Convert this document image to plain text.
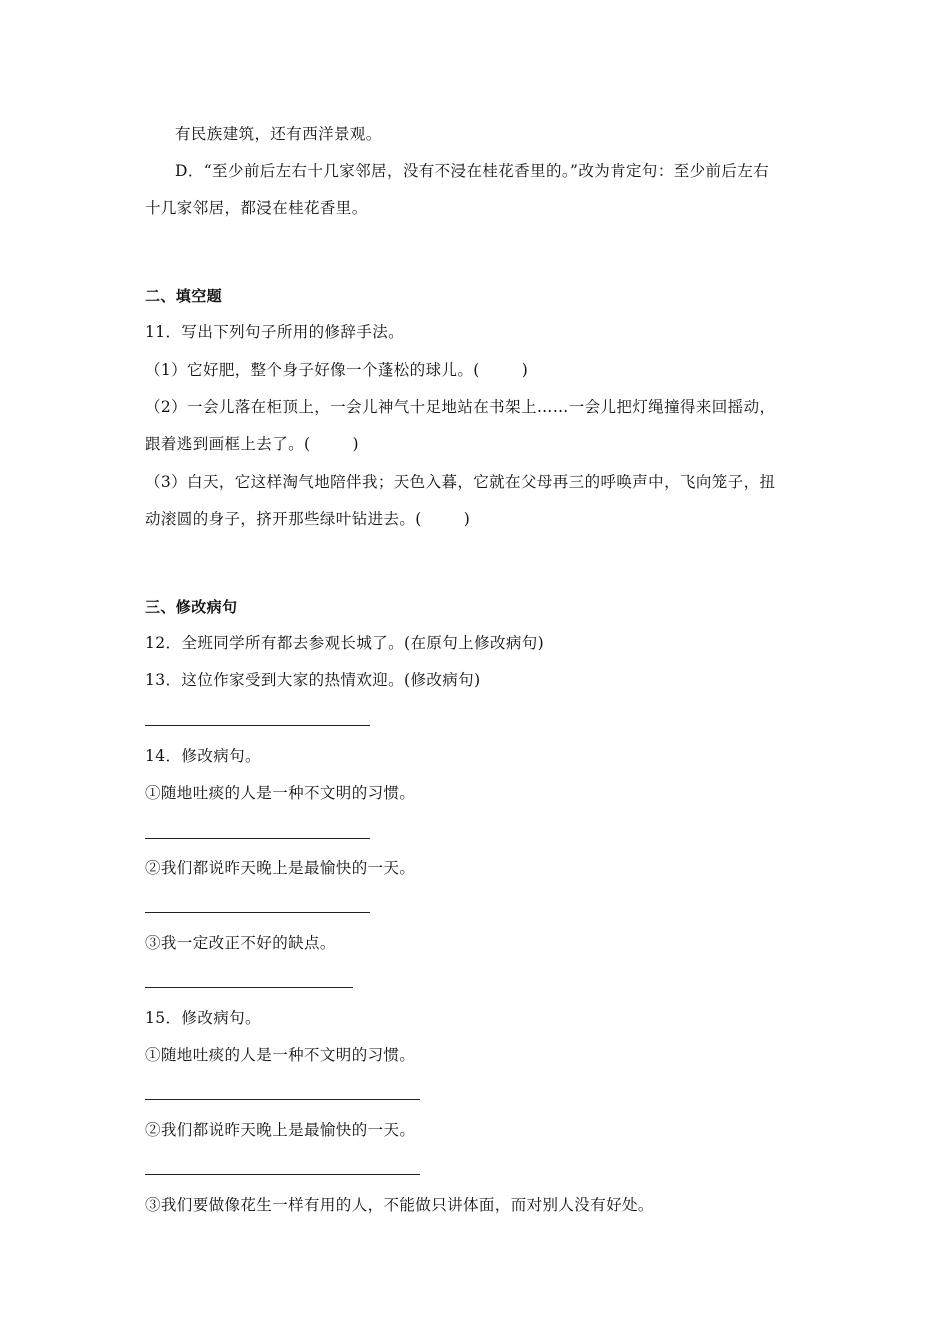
有民族建筑，还有西洋景观。
D．“至少前后左右十几家邻居，没有不浸在桂花香里的。”改为肯定句：至少前后左右
十几家邻居，都浸在桂花香里。
二、填空题
11．写出下列句子所用的修辞手法。
（1）它好肥，整个身子好像一个蓬松的球儿。(	)
（2）一会儿落在柜顶上，一会儿神气十足地站在书架上……一会儿把灯绳撞得来回摇动，
跟着逃到画框上去了。(	)
（3）白天，它这样淘气地陪伴我；天色入暮，它就在父母再三的呼唤声中，飞向笼子，扭
动滚圆的身子，挤开那些绿叶钻进去。(	)
三、修改病句
12．全班同学所有都去参观长城了。(在原句上修改病句)
13．这位作家受到大家的热情欢迎。(修改病句)
14．修改病句。
①随地吐痰的人是一种不文明的习惯。
②我们都说昨天晚上是最愉快的一天。
③我一定改正不好的缺点。
15．修改病句。
①随地吐痰的人是一种不文明的习惯。
②我们都说昨天晚上是最愉快的一天。
③我们要做像花生一样有用的人，不能做只讲体面，而对别人没有好处。
